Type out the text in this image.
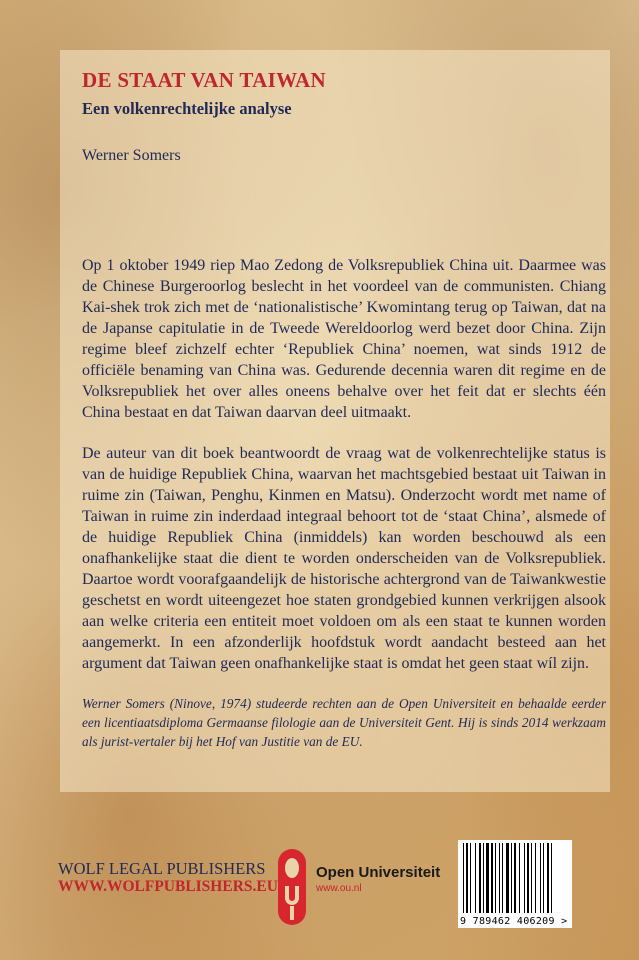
DE STAAT VAN TAIWAN
Een volkenrechtelijke analyse
Werner Somers

Op 1 oktober 1949 riep Mao Zedong de Volksrepubliek China uit. Daarmee was de Chinese Burgeroorlog beslecht in het voordeel van de communisten. Chiang Kai-shek trok zich met de ‘nationalistische’ Kwomintang terug op Taiwan, dat na de Japanse capitulatie in de Tweede Wereldoorlog werd bezet door China. Zijn regime bleef zichzelf echter ‘Republiek China’ noemen, wat sinds 1912 de officiële benaming van China was. Gedurende decennia waren dit regime en de Volksrepubliek het over alles oneens behalve over het feit dat er slechts één China bestaat en dat Taiwan daarvan deel uitmaakt.

De auteur van dit boek beantwoordt de vraag wat de volkenrechtelijke status is van de huidige Republiek China, waarvan het machtsgebied bestaat uit Taiwan in ruime zin (Taiwan, Penghu, Kinmen en Matsu). Onderzocht wordt met name of Taiwan in ruime zin inderdaad integraal behoort tot de ‘staat China’, alsmede of de huidige Republiek China (inmiddels) kan worden beschouwd als een onafhankelijke staat die dient te worden onderscheiden van de Volksrepubliek. Daartoe wordt voorafgaandelijk de historische achtergrond van de Taiwankwestie geschetst en wordt uiteengezet hoe staten grondgebied kunnen verkrijgen alsook aan welke criteria een entiteit moet voldoen om als een staat te kunnen worden aangemerkt. In een afzonderlijk hoofdstuk wordt aandacht besteed aan het argument dat Taiwan geen onafhankelijke staat is omdat het geen staat wíl zijn.

Werner Somers (Ninove, 1974) studeerde rechten aan de Open Universiteit en behaalde eerder een licentiaatsdiploma Germaanse filologie aan de Universiteit Gent. Hij is sinds 2014 werkzaam als jurist-vertaler bij het Hof van Justitie van de EU.

WOLF LEGAL PUBLISHERS
WWW.WOLFPUBLISHERS.EU
Open Universiteit
www.ou.nl
9 789462 406209 >
